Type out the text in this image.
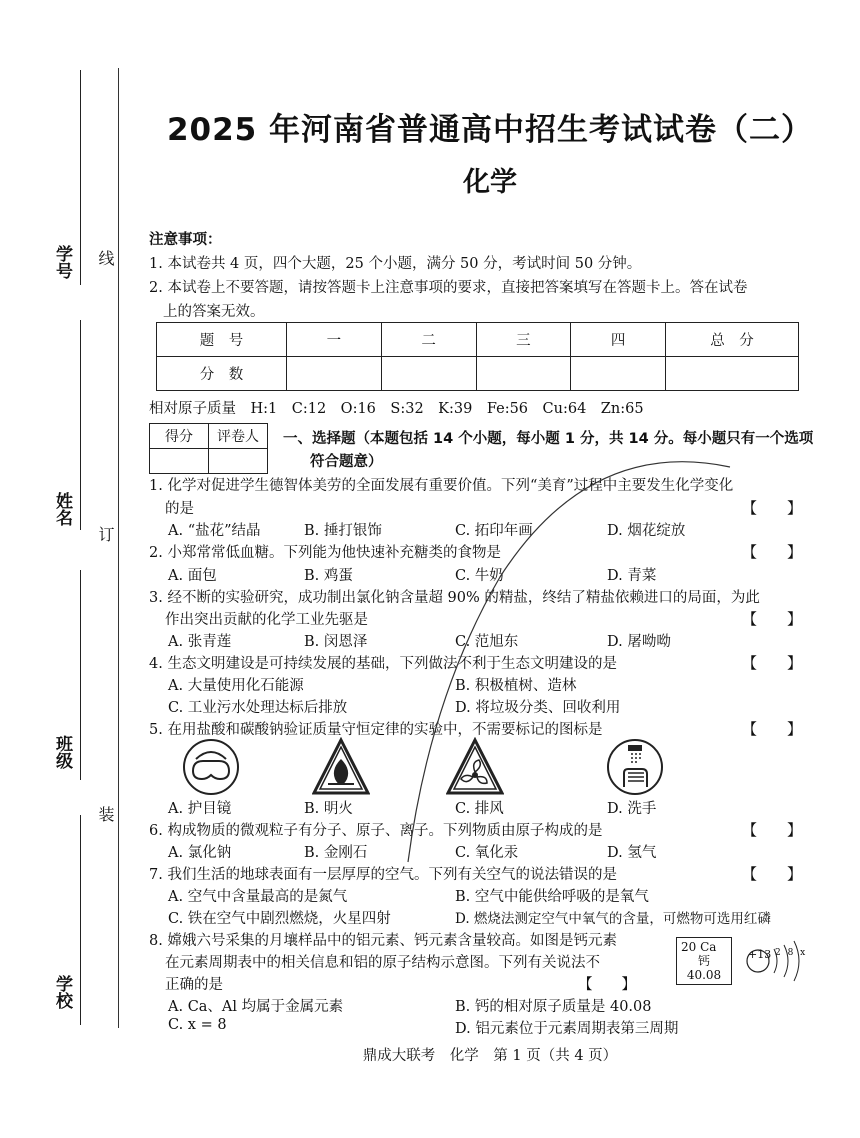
学号
姓名
班级
学校
线
订
装
2025 年河南省普通高中招生考试试卷（二）
化学
注意事项：
1. 本试卷共 4 页，四个大题，25 个小题，满分 50 分，考试时间 50 分钟。
2. 本试卷上不要答题，请按答题卡上注意事项的要求，直接把答案填写在答题卡上。答在试卷
上的答案无效。
题　号	一	二	三	四	总　分
分　数					
相对原子质量　H:1　C:12　O:16　S:32　K:39　Fe:56　Cu:64　Zn:65
得分	评卷人
	一、选择题（本题包括 14 个小题，每小题 1 分，共 14 分。每小题只有一个选项
符合题意）
1. 化学对促进学生德智体美劳的全面发展有重要价值。下列“美育”过程中主要发生化学变化
的是	【　　】
A. “盐花”结晶	B. 捶打银饰	C. 拓印年画	D. 烟花绽放
2. 小郑常常低血糖。下列能为他快速补充糖类的食物是	【　　】
A. 面包	B. 鸡蛋	C. 牛奶	D. 青菜
3. 经不断的实验研究，成功制出氯化钠含量超 90% 的精盐，终结了精盐依赖进口的局面，为此
作出突出贡献的化学工业先驱是	【　　】
A. 张青莲	B. 闵恩泽	C. 范旭东	D. 屠呦呦
4. 生态文明建设是可持续发展的基础，下列做法不利于生态文明建设的是	【　　】
A. 大量使用化石能源	B. 积极植树、造林
C. 工业污水处理达标后排放	D. 将垃圾分类、回收利用
5. 在用盐酸和碳酸钠验证质量守恒定律的实验中，不需要标记的图标是	【　　】
A. 护目镜	B. 明火	C. 排风	D. 洗手
6. 构成物质的微观粒子有分子、原子、离子。下列物质由原子构成的是	【　　】
A. 氯化钠	B. 金刚石	C. 氧化汞	D. 氢气
7. 我们生活的地球表面有一层厚厚的空气。下列有关空气的说法错误的是	【　　】
A. 空气中含量最高的是氮气	B. 空气中能供给呼吸的是氧气
C. 铁在空气中剧烈燃烧，火星四射	D. 燃烧法测定空气中氧气的含量，可燃物可选用红磷
8. 嫦娥六号采集的月壤样品中的铝元素、钙元素含量较高。如图是钙元素
在元素周期表中的相关信息和铝的原子结构示意图。下列有关说法不
正确的是	【　　】
20 Ca
钙
40.08
+13 2 8 x
A. Ca、Al 均属于金属元素	B. 钙的相对原子质量是 40.08
C. x = 8	D. 铝元素位于元素周期表第三周期
鼎成大联考　化学　第 1 页（共 4 页）
